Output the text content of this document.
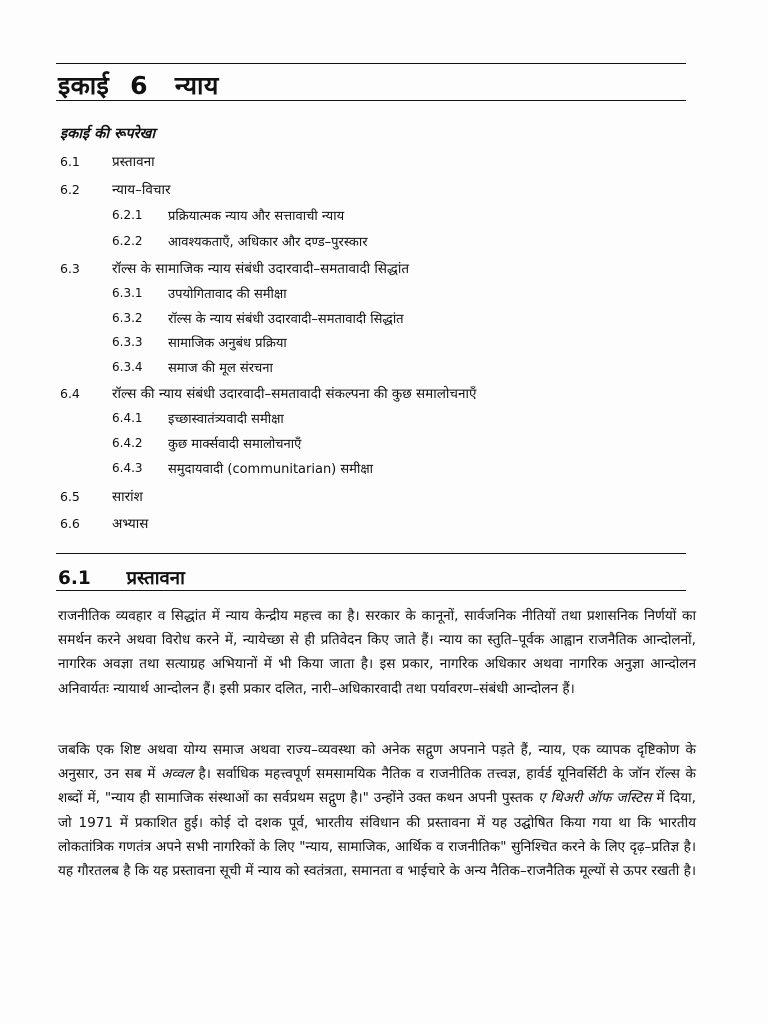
इकाई 6 न्याय
इकाई की रूपरेखा
6.1 प्रस्तावना
6.2 न्याय–विचार
6.2.1 प्रक्रियात्मक न्याय और सत्तावाची न्याय
6.2.2 आवश्यकताएँ, अधिकार और दण्ड–पुरस्कार
6.3 रॉल्स के सामाजिक न्याय संबंधी उदारवादी–समतावादी सिद्धांत
6.3.1 उपयोगितावाद की समीक्षा
6.3.2 रॉल्स के न्याय संबंधी उदारवादी–समतावादी सिद्धांत
6.3.3 सामाजिक अनुबंध प्रक्रिया
6.3.4 समाज की मूल संरचना
6.4 रॉल्स की न्याय संबंधी उदारवादी–समतावादी संकल्पना की कुछ समालोचनाएँ
6.4.1 इच्छास्वातंत्र्यवादी समीक्षा
6.4.2 कुछ मार्क्सवादी समालोचनाएँ
6.4.3 समुदायवादी (communitarian) समीक्षा
6.5 सारांश
6.6 अभ्यास
6.1 प्रस्तावना
राजनीतिक व्यवहार व सिद्धांत में न्याय केन्द्रीय महत्त्व का है। सरकार के कानूनों, सार्वजनिक नीतियों तथा प्रशासनिक निर्णयों का समर्थन करने अथवा विरोध करने में, न्यायेच्छा से ही प्रतिवेदन किए जाते हैं। न्याय का स्तुति–पूर्वक आह्वान राजनैतिक आन्दोलनों, नागरिक अवज्ञा तथा सत्याग्रह अभियानों में भी किया जाता है। इस प्रकार, नागरिक अधिकार अथवा नागरिक अनुज्ञा आन्दोलन अनिवार्यतः न्यायार्थ आन्दोलन हैं। इसी प्रकार दलित, नारी–अधिकारवादी तथा पर्यावरण–संबंधी आन्दोलन हैं।
जबकि एक शिष्ट अथवा योग्य समाज अथवा राज्य–व्यवस्था को अनेक सद्गुण अपनाने पड़ते हैं, न्याय, एक व्यापक दृष्टिकोण के अनुसार, उन सब में अव्वल है। सर्वाधिक महत्त्वपूर्ण समसामयिक नैतिक व राजनीतिक तत्त्वज्ञ, हार्वर्ड यूनिवर्सिटी के जॉन रॉल्स के शब्दों में, "न्याय ही सामाजिक संस्थाओं का सर्वप्रथम सद्गुण है।" उन्होंने उक्त कथन अपनी पुस्तक ए थिअरी ऑफ जस्टिस में दिया, जो 1971 में प्रकाशित हुई। कोई दो दशक पूर्व, भारतीय संविधान की प्रस्तावना में यह उद्घोषित किया गया था कि भारतीय लोकतांत्रिक गणतंत्र अपने सभी नागरिकों के लिए "न्याय, सामाजिक, आर्थिक व राजनीतिक" सुनिश्चित करने के लिए दृढ़–प्रतिज्ञ है। यह गौरतलब है कि यह प्रस्तावना सूची में न्याय को स्वतंत्रता, समानता व भाईचारे के अन्य नैतिक–राजनैतिक मूल्यों से ऊपर रखती है।
